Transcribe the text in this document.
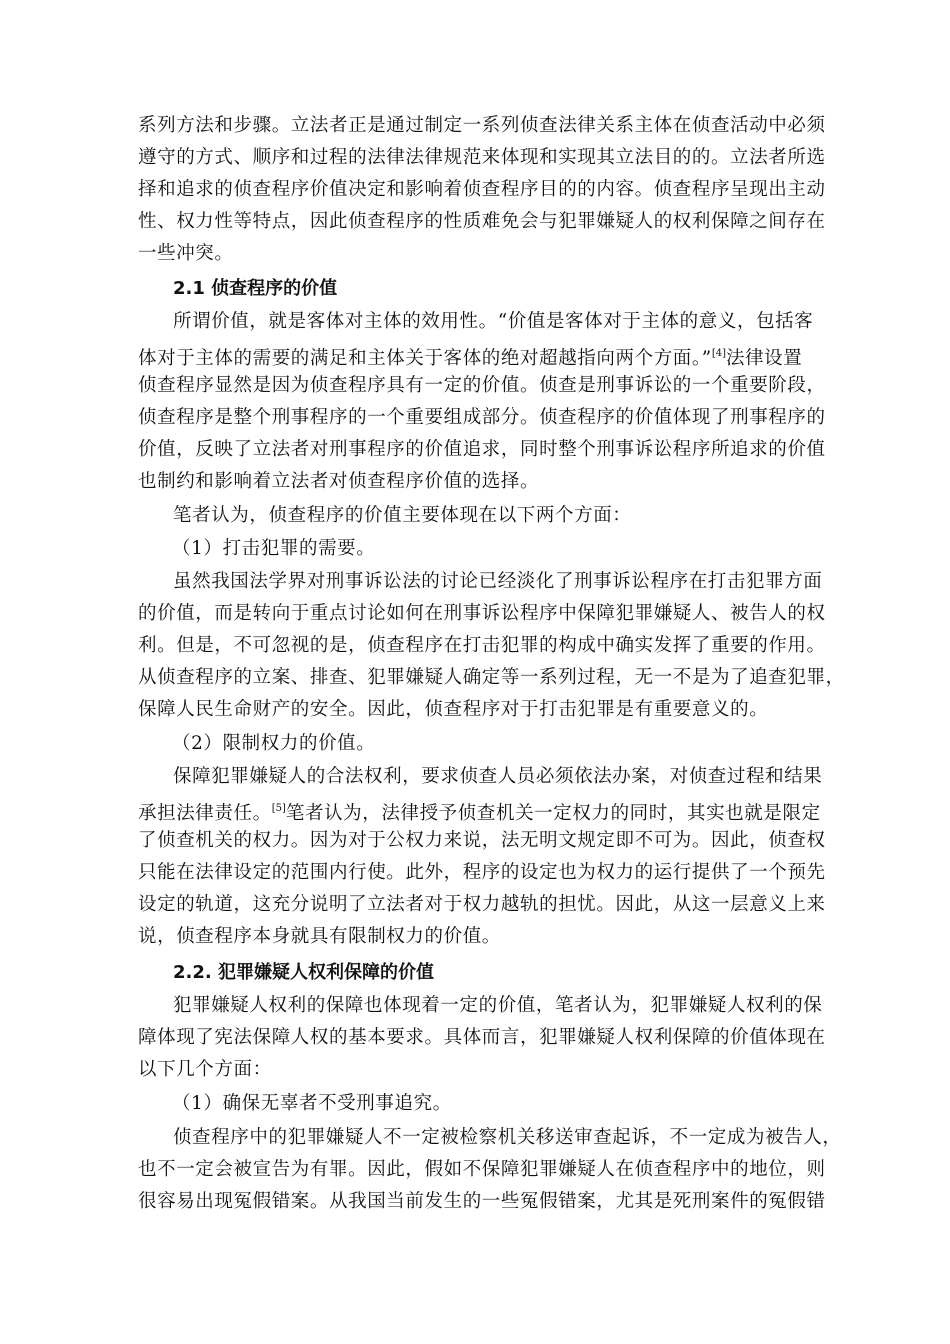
系列方法和步骤。立法者正是通过制定一系列侦查法律关系主体在侦查活动中必须
遵守的方式、顺序和过程的法律法律规范来体现和实现其立法目的的。立法者所选
择和追求的侦查程序价值决定和影响着侦查程序目的的内容。侦查程序呈现出主动
性、权力性等特点，因此侦查程序的性质难免会与犯罪嫌疑人的权利保障之间存在
一些冲突。
2.1 侦查程序的价值
所谓价值，就是客体对主体的效用性。“价值是客体对于主体的意义，包括客
体对于主体的需要的满足和主体关于客体的绝对超越指向两个方面。”[4]法律设置
侦查程序显然是因为侦查程序具有一定的价值。侦查是刑事诉讼的一个重要阶段，
侦查程序是整个刑事程序的一个重要组成部分。侦查程序的价值体现了刑事程序的
价值，反映了立法者对刑事程序的价值追求，同时整个刑事诉讼程序所追求的价值
也制约和影响着立法者对侦查程序价值的选择。
笔者认为，侦查程序的价值主要体现在以下两个方面：
（1）打击犯罪的需要。
虽然我国法学界对刑事诉讼法的讨论已经淡化了刑事诉讼程序在打击犯罪方面
的价值，而是转向于重点讨论如何在刑事诉讼程序中保障犯罪嫌疑人、被告人的权
利。但是，不可忽视的是，侦查程序在打击犯罪的构成中确实发挥了重要的作用。
从侦查程序的立案、排查、犯罪嫌疑人确定等一系列过程，无一不是为了追查犯罪，
保障人民生命财产的安全。因此，侦查程序对于打击犯罪是有重要意义的。
（2）限制权力的价值。
保障犯罪嫌疑人的合法权利，要求侦查人员必须依法办案，对侦查过程和结果
承担法律责任。[5]笔者认为，法律授予侦查机关一定权力的同时，其实也就是限定
了侦查机关的权力。因为对于公权力来说，法无明文规定即不可为。因此，侦查权
只能在法律设定的范围内行使。此外，程序的设定也为权力的运行提供了一个预先
设定的轨道，这充分说明了立法者对于权力越轨的担忧。因此，从这一层意义上来
说，侦查程序本身就具有限制权力的价值。
2.2. 犯罪嫌疑人权利保障的价值
犯罪嫌疑人权利的保障也体现着一定的价值，笔者认为，犯罪嫌疑人权利的保
障体现了宪法保障人权的基本要求。具体而言，犯罪嫌疑人权利保障的价值体现在
以下几个方面：
（1）确保无辜者不受刑事追究。
侦查程序中的犯罪嫌疑人不一定被检察机关移送审查起诉，不一定成为被告人，
也不一定会被宣告为有罪。因此，假如不保障犯罪嫌疑人在侦查程序中的地位，则
很容易出现冤假错案。从我国当前发生的一些冤假错案，尤其是死刑案件的冤假错
